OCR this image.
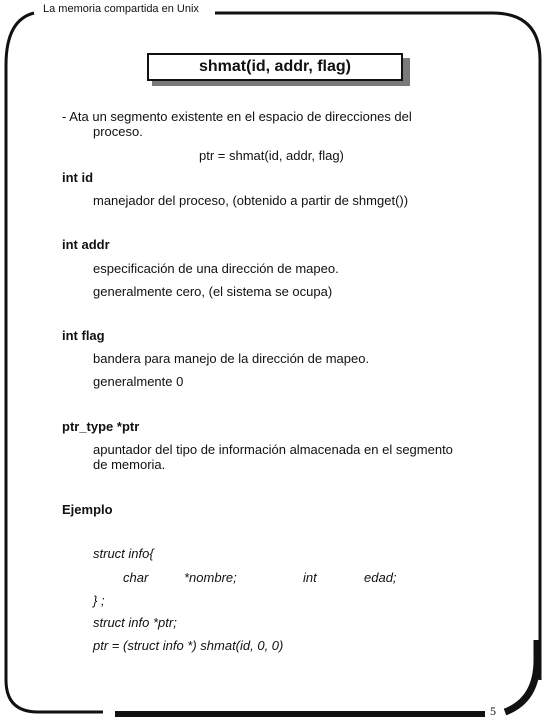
La memoria compartida en Unix
shmat(id, addr, flag)
- Ata un segmento existente en el espacio de direcciones del
proceso.
ptr = shmat(id, addr, flag)
int id
manejador del proceso, (obtenido a partir de shmget())
int addr
especificación de una dirección de mapeo.
generalmente cero, (el sistema se ocupa)
int flag
bandera para manejo de la dirección de mapeo.
generalmente 0
ptr_type *ptr
apuntador del tipo de información almacenada en el segmento
de memoria.
Ejemplo
struct info{
char	*nombre;	int	edad;
} ;
struct info *ptr;
ptr = (struct info *) shmat(id, 0, 0)
5
